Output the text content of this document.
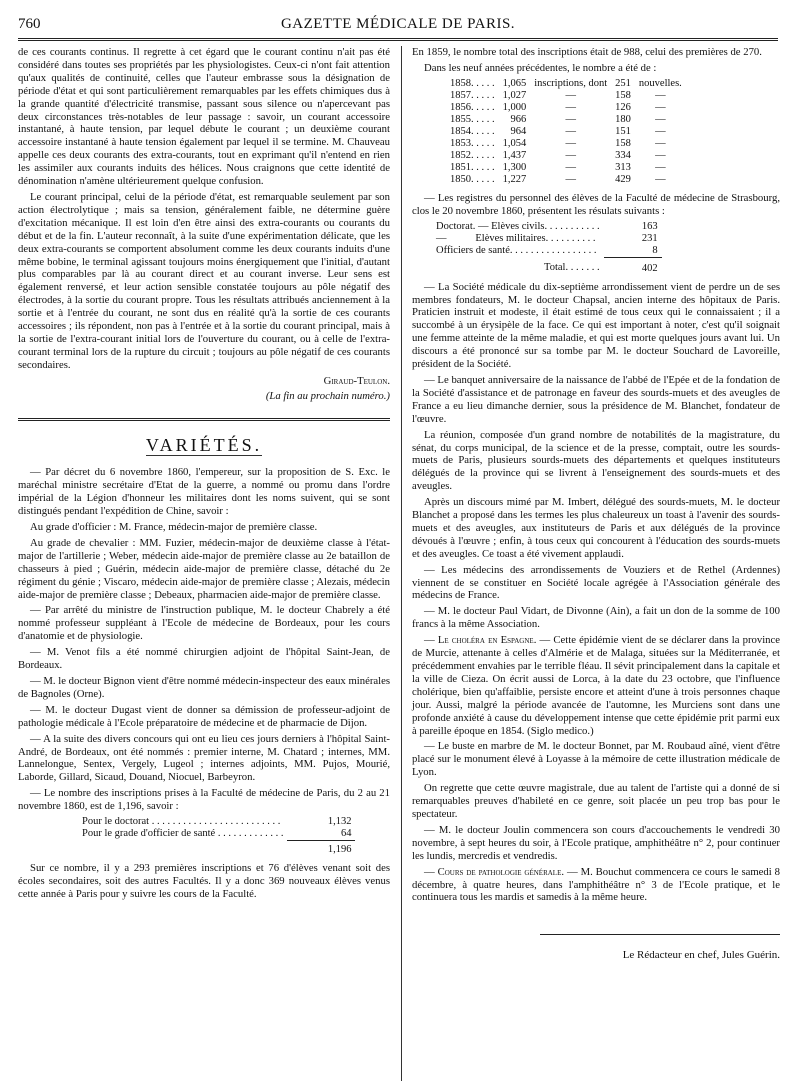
760	GAZETTE MÉDICALE DE PARIS.

de ces courants continus. Il regrette à cet égard que le courant continu n'ait pas été considéré dans toutes ses propriétés par les physiologistes. Ceux-ci n'ont fait attention qu'aux qualités de continuité, celles que l'auteur embrasse sous la désignation de période d'état et qui sont particulièrement remarquables par les effets chimiques dus à la grande quantité d'électricité transmise, passant sous silence ou n'apercevant pas deux circonstances très-notables de leur passage : savoir, un courant accessoire instantané, à haute tension, par lequel débute le courant ; un deuxième courant accessoire instantané à haute tension également par lequel il se termine. M. Chauveau appelle ces deux courants des extra-courants, tout en exprimant qu'il n'entend en rien les assimiler aux courants induits des hélices. Nous craignons que cette identité de dénomination n'amène ultérieurement quelque confusion.

Le courant principal, celui de la période d'état, est remarquable seulement par son action électrolytique ; mais sa tension, généralement faible, ne détermine guère d'excitation mécanique. Il est loin d'en être ainsi des extra-courants ou courants du début et de la fin. L'auteur reconnaît, à la suite d'une expérimentation délicate, que les deux extra-courants se comportent absolument comme les deux courants induits d'une même bobine, le terminal agissant toujours moins énergiquement que l'initial, d'autant plus comparables par là au courant direct et au courant inverse. Leur sens est également renversé, et leur action sensible constatée toujours au pôle négatif des électrodes, à la sortie du courant propre. Tous les résultats attribués anciennement à la sortie et à l'entrée du courant, ne sont dus en réalité qu'à la sortie de ces courants accessoires ; ils répondent, non pas à l'entrée et à la sortie du courant principal, mais à la sortie de l'extra-courant initial lors de l'ouverture du courant, ou à celle de l'extra-courant terminal lors de la rupture du circuit ; toujours au pôle négatif de ces courants secondaires.

Giraud-Teulon.
(La fin au prochain numéro.)
VARIÉTÉS.

— Par décret du 6 novembre 1860, l'empereur, sur la proposition de S. Exc. le maréchal ministre secrétaire d'Etat de la guerre, a nommé ou promu dans l'ordre impérial de la Légion d'honneur les militaires dont les noms suivent, qui se sont distingués pendant l'expédition de Chine, savoir :

Au grade d'officier : M. France, médecin-major de première classe.

Au grade de chevalier : MM. Fuzier, médecin-major de deuxième classe à l'état-major de l'artillerie ; Weber, médecin aide-major de première classe au 2e bataillon de chasseurs à pied ; Guérin, médecin aide-major de première classe, détaché du 2e régiment du génie ; Viscaro, médecin aide-major de première classe ; Alezais, médecin aide-major de première classe ; Debeaux, pharmacien aide-major de première classe.

— Par arrêté du ministre de l'instruction publique, M. le docteur Chabrely a été nommé professeur suppléant à l'Ecole de médecine de Bordeaux, pour les cours d'anatomie et de physiologie.

— M. Venot fils a été nommé chirurgien adjoint de l'hôpital Saint-Jean, de Bordeaux.

— M. le docteur Bignon vient d'être nommé médecin-inspecteur des eaux minérales de Bagnoles (Orne).

— M. le docteur Dugast vient de donner sa démission de professeur-adjoint de pathologie médicale à l'Ecole préparatoire de médecine et de pharmacie de Dijon.

— A la suite des divers concours qui ont eu lieu ces jours derniers à l'hôpital Saint-André, de Bordeaux, ont été nommés : premier interne, M. Chatard ; internes, MM. Lannelongue, Sentex, Vergely, Lugeol ; internes adjoints, MM. Pujos, Mourié, Laborde, Gillard, Sicaud, Douand, Niocuel, Barbeyron.

— Le nombre des inscriptions prises à la Faculté de médecine de Paris, du 2 au 21 novembre 1860, est de 1,196, savoir :

Pour le doctorat . . . . . . . . . . . . . . . . . . . . . . . . .	1,132
Pour le grade d'officier de santé . . . . . . . . . . . . .	64
	1,196

Sur ce nombre, il y a 293 premières inscriptions et 76 d'élèves venant soit des écoles secondaires, soit des autres Facultés. Il y a donc 369 nouveaux élèves venus cette année à Paris pour y suivre les cours de la Faculté.

En 1859, le nombre total des inscriptions était de 988, celui des premières de 270.

Dans les neuf années précédentes, le nombre a été de :

1858. . . . .	1,065	inscriptions, dont	251	nouvelles.
1857. . . . .	1,027	—	158	—
1856. . . . .	1,000	—	126	—
1855. . . . .	966	—	180	—
1854. . . . .	964	—	151	—
1853. . . . .	1,054	—	158	—
1852. . . . .	1,437	—	334	—
1851. . . . .	1,300	—	313	—
1850. . . . .	1,227	—	429	—

— Les registres du personnel des élèves de la Faculté de médecine de Strasbourg, clos le 20 novembre 1860, présentent les résulats suivants :

Doctorat. — Elèves civils. . . . . . . . . . .	163
—           Elèves militaires. . . . . . . . . .	231
Officiers de santé. . . . . . . . . . . . . . . . .	8
Total. . . . . . .	402

— La Société médicale du dix-septième arrondissement vient de perdre un de ses membres fondateurs, M. le docteur Chapsal, ancien interne des hôpitaux de Paris. Praticien instruit et modeste, il était estimé de tous ceux qui le connaissaient ; il a succombé à un érysipèle de la face. Ce qui est important à noter, c'est qu'il soignait une femme atteinte de la même maladie, et qui est morte quelques jours avant lui. Un discours a été prononcé sur sa tombe par M. le docteur Souchard de Lavoreille, président de la Société.

— Le banquet anniversaire de la naissance de l'abbé de l'Epée et de la fondation de la Société d'assistance et de patronage en faveur des sourds-muets et des aveugles de France a eu lieu dimanche dernier, sous la présidence de M. Blanchet, fondateur de l'œuvre.

La réunion, composée d'un grand nombre de notabilités de la magistrature, du sénat, du corps municipal, de la science et de la presse, comptait, outre les sourds-muets de Paris, plusieurs sourds-muets des départements et quelques instituteurs délégués de la province qui se livrent à l'enseignement des sourds-muets et des aveugles.

Après un discours mimé par M. Imbert, délégué des sourds-muets, M. le docteur Blanchet a proposé dans les termes les plus chaleureux un toast à l'avenir des sourds-muets et des aveugles, aux instituteurs de Paris et aux délégués de la province dévoués à l'œuvre ; enfin, à tous ceux qui concourent à l'éducation des sourds-muets et des aveugles. Ce toast a été vivement applaudi.

— Les médecins des arrondissements de Vouziers et de Rethel (Ardennes) viennent de se constituer en Société locale agrégée à l'Association générale des médecins de France.

— M. le docteur Paul Vidart, de Divonne (Ain), a fait un don de la somme de 100 francs à la même Association.

— Le choléra en Espagne. — Cette épidémie vient de se déclarer dans la province de Murcie, attenante à celles d'Almérie et de Malaga, situées sur la Méditerranée, et précédemment envahies par le terrible fléau. Il sévit principalement dans la capitale et la ville de Cieza. On écrit aussi de Lorca, à la date du 23 octobre, que l'influence cholérique, bien qu'affaiblie, persiste encore et atteint d'une à trois personnes chaque jour. Aussi, malgré la période avancée de l'automne, les Murciens sont dans une profonde anxiété à cause du développement intense que cette épidémie prit parmi eux à pareille époque en 1854. (Siglo medico.)

— Le buste en marbre de M. le docteur Bonnet, par M. Roubaud aîné, vient d'être placé sur le monument élevé à Loyasse à la mémoire de cette illustration médicale de Lyon.

On regrette que cette œuvre magistrale, due au talent de l'artiste qui a donné de si remarquables preuves d'habileté en ce genre, soit placée un peu trop bas pour le spectateur.

— M. le docteur Joulin commencera son cours d'accouchements le vendredi 30 novembre, à sept heures du soir, à l'Ecole pratique, amphithéâtre n° 2, pour continuer les lundis, mercredis et vendredis.

— Cours de pathologie générale. — M. Bouchut commencera ce cours le samedi 8 décembre, à quatre heures, dans l'amphithéâtre n° 3 de l'Ecole pratique, et le continuera tous les mardis et samedis à la même heure.

Le Rédacteur en chef, Jules Guérin.
